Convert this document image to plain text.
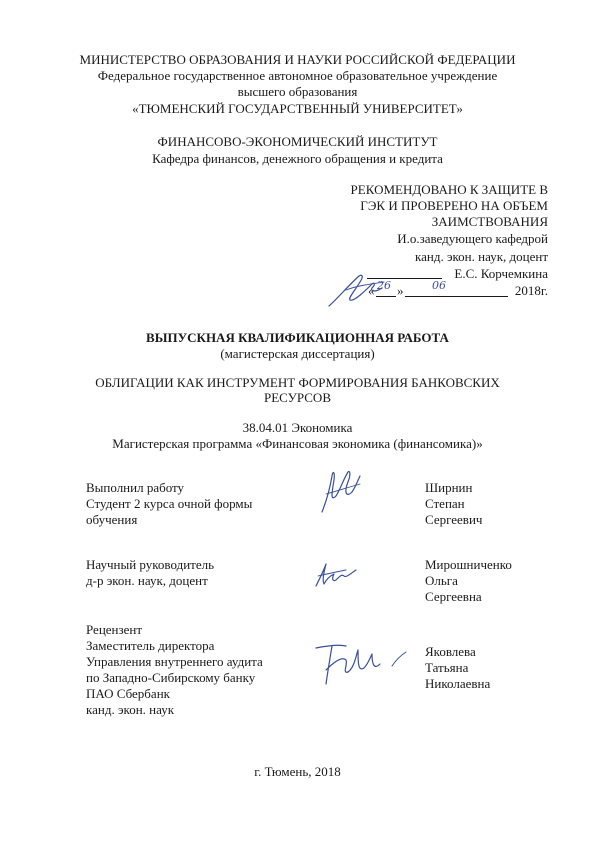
МИНИСТЕРСТВО ОБРАЗОВАНИЯ И НАУКИ РОССИЙСКОЙ ФЕДЕРАЦИИ
Федеральное государственное автономное образовательное учреждение
высшего образования
«ТЮМЕНСКИЙ ГОСУДАРСТВЕННЫЙ УНИВЕРСИТЕТ»
ФИНАНСОВО-ЭКОНОМИЧЕСКИЙ ИНСТИТУТ
Кафедра финансов, денежного обращения и кредита
РЕКОМЕНДОВАНО К ЗАЩИТЕ В
ГЭК И ПРОВЕРЕНО НА ОБЪЕМ
ЗАИМСТВОВАНИЯ
И.о.заведующего кафедрой
канд. экон. наук, доцент
Е.С. Корчемкина
« »	2018г.
26	06
ВЫПУСКНАЯ КВАЛИФИКАЦИОННАЯ РАБОТА
(магистерская диссертация)
ОБЛИГАЦИИ КАК ИНСТРУМЕНТ ФОРМИРОВАНИЯ БАНКОВСКИХ
РЕСУРСОВ
38.04.01 Экономика
Магистерская программа «Финансовая экономика (финансомика)»
Выполнил работу
Студент 2 курса очной формы
обучения
Ширнин
Степан
Сергеевич
Научный руководитель
д-р экон. наук, доцент
Мирошниченко
Ольга
Сергеевна
Рецензент
Заместитель директора
Управления внутреннего аудита
по Западно-Сибирскому банку
ПАО Сбербанк
канд. экон. наук
Яковлева
Татьяна
Николаевна
г. Тюмень, 2018
